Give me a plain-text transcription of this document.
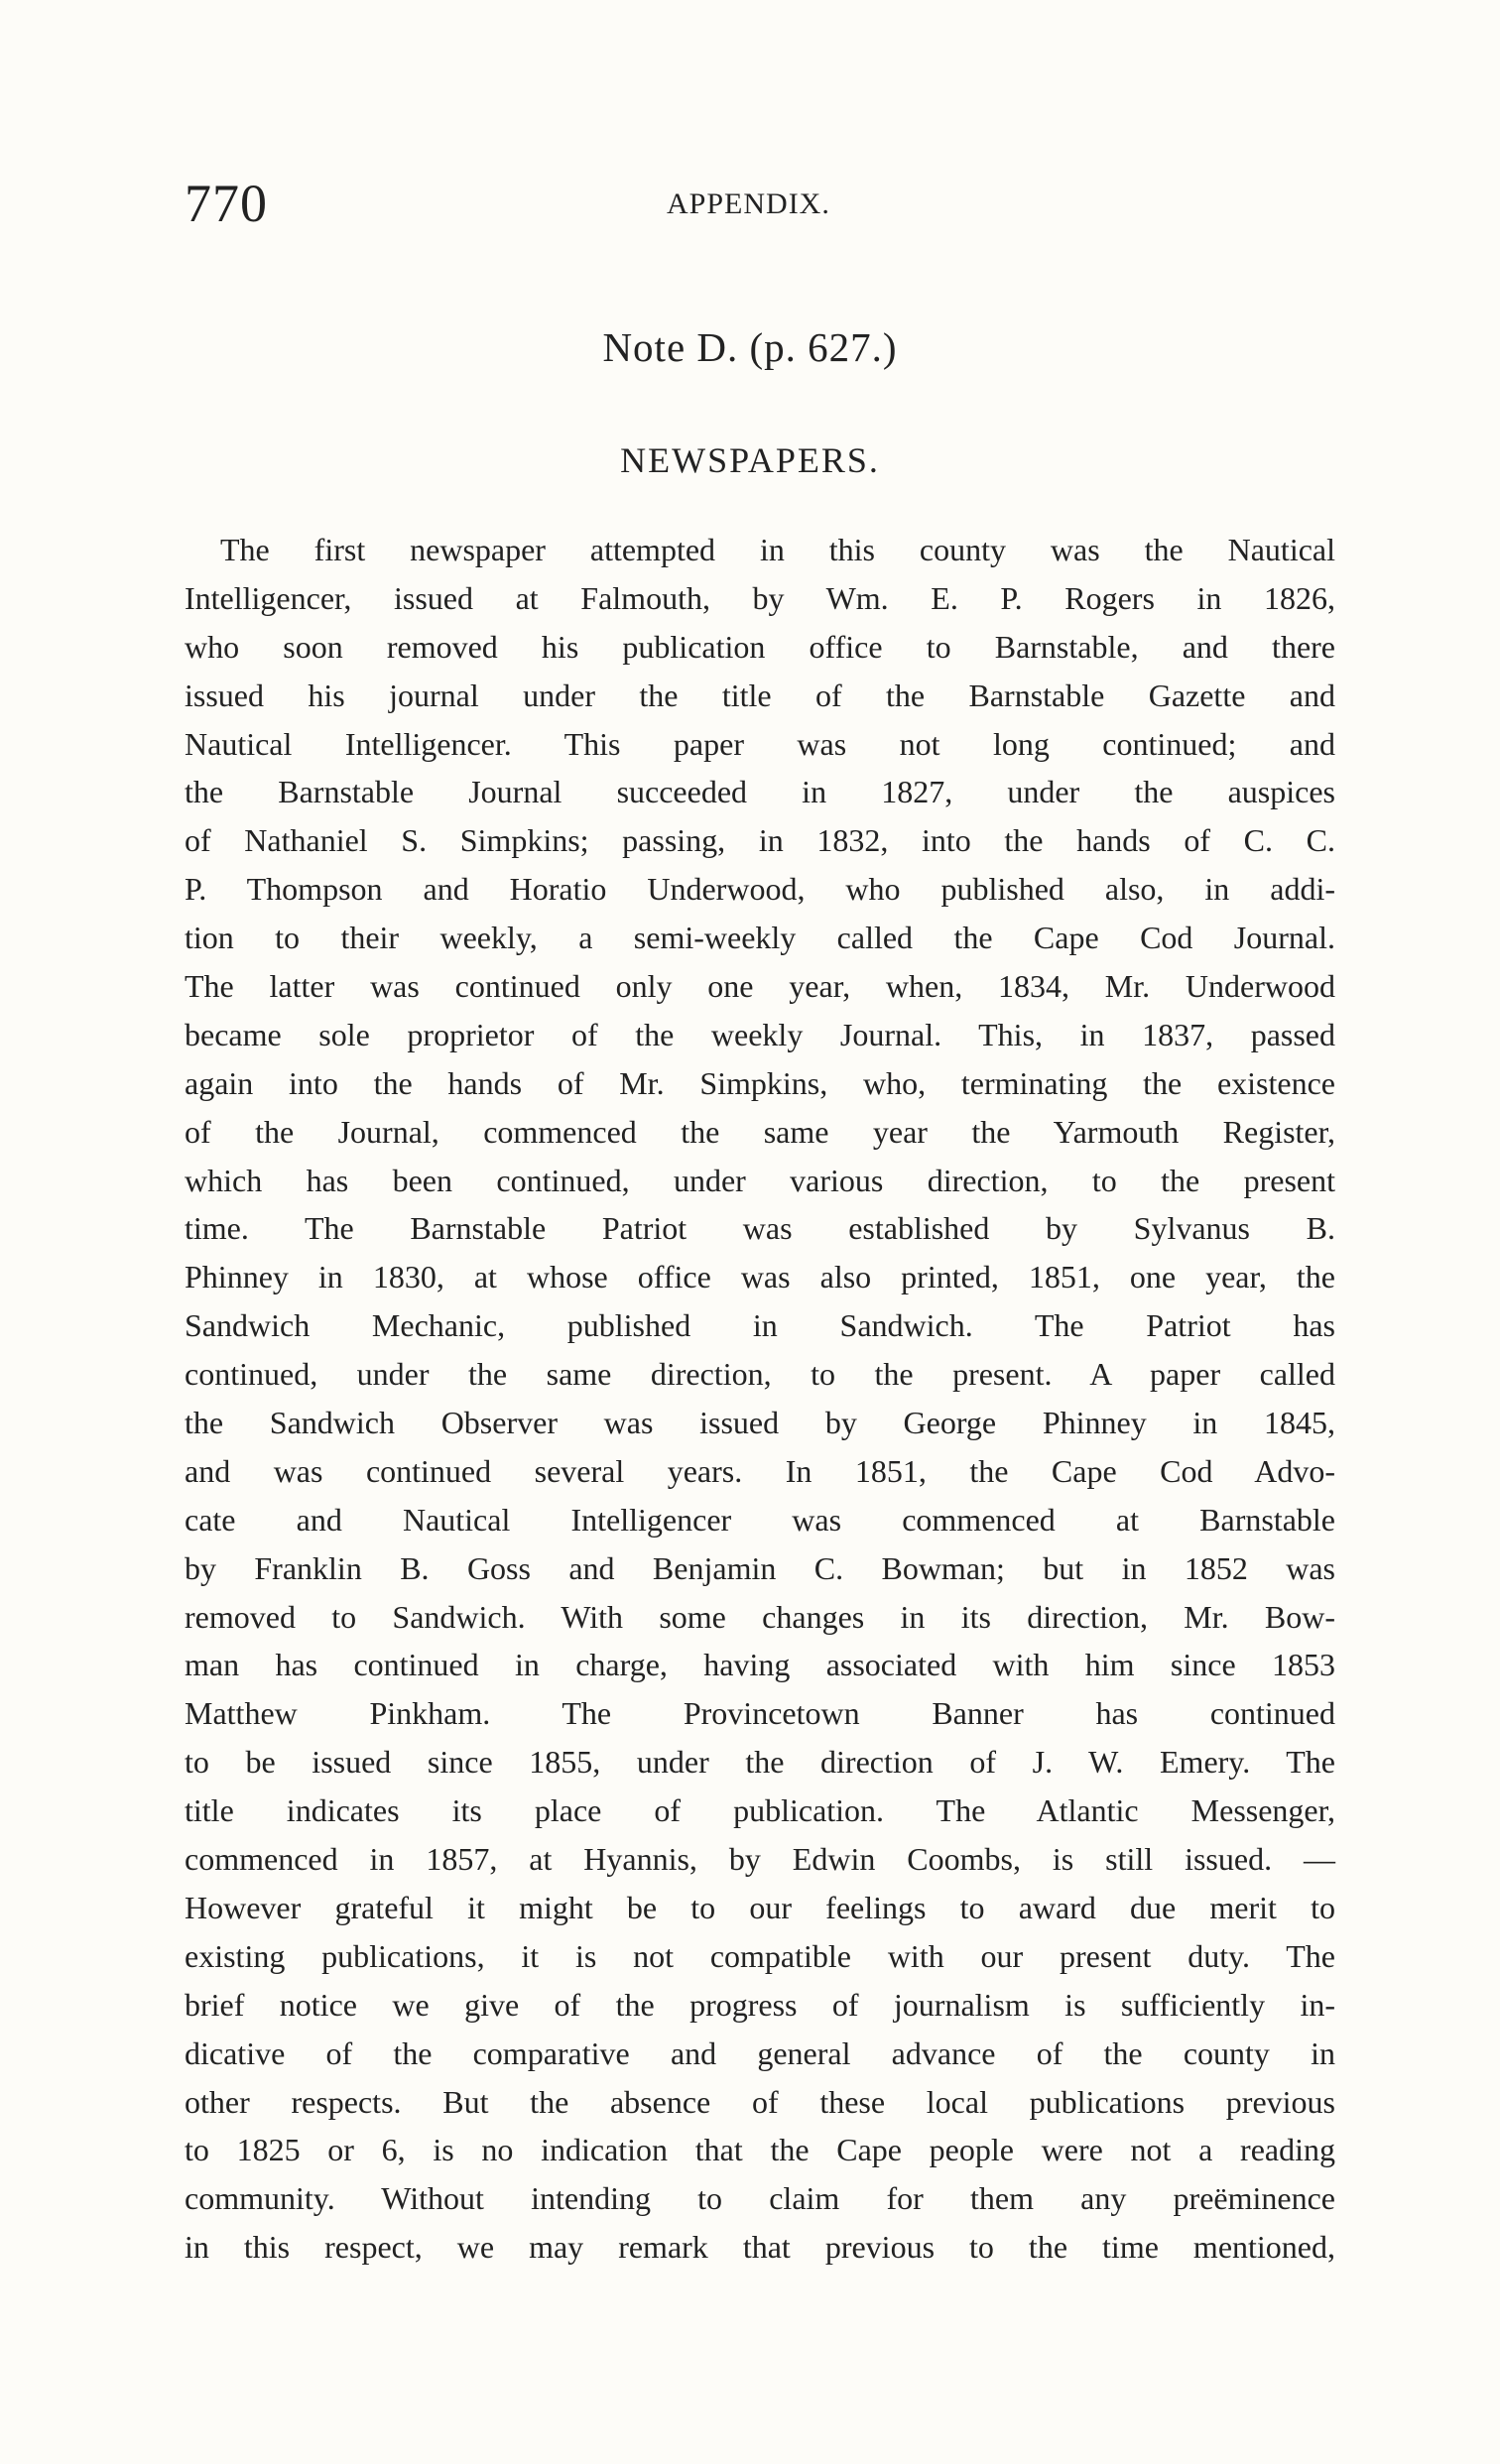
770	APPENDIX.
Note D. (p. 627.)
NEWSPAPERS.
The first newspaper attempted in this county was the Nautical
Intelligencer, issued at Falmouth, by Wm. E. P. Rogers in 1826,
who soon removed his publication office to Barnstable, and there
issued his journal under the title of the Barnstable Gazette and
Nautical Intelligencer. This paper was not long continued; and
the Barnstable Journal succeeded in 1827, under the auspices
of Nathaniel S. Simpkins; passing, in 1832, into the hands of C. C.
P. Thompson and Horatio Underwood, who published also, in addi-
tion to their weekly, a semi-weekly called the Cape Cod Journal.
The latter was continued only one year, when, 1834, Mr. Underwood
became sole proprietor of the weekly Journal. This, in 1837, passed
again into the hands of Mr. Simpkins, who, terminating the existence
of the Journal, commenced the same year the Yarmouth Register,
which has been continued, under various direction, to the present
time. The Barnstable Patriot was established by Sylvanus B.
Phinney in 1830, at whose office was also printed, 1851, one year, the
Sandwich Mechanic, published in Sandwich. The Patriot has
continued, under the same direction, to the present. A paper called
the Sandwich Observer was issued by George Phinney in 1845,
and was continued several years. In 1851, the Cape Cod Advo-
cate and Nautical Intelligencer was commenced at Barnstable
by Franklin B. Goss and Benjamin C. Bowman; but in 1852 was
removed to Sandwich. With some changes in its direction, Mr. Bow-
man has continued in charge, having associated with him since 1853
Matthew Pinkham. The Provincetown Banner has continued
to be issued since 1855, under the direction of J. W. Emery. The
title indicates its place of publication. The Atlantic Messenger,
commenced in 1857, at Hyannis, by Edwin Coombs, is still issued. —
However grateful it might be to our feelings to award due merit to
existing publications, it is not compatible with our present duty. The
brief notice we give of the progress of journalism is sufficiently in-
dicative of the comparative and general advance of the county in
other respects. But the absence of these local publications previous
to 1825 or 6, is no indication that the Cape people were not a reading
community. Without intending to claim for them any preëminence
in this respect, we may remark that previous to the time mentioned,
